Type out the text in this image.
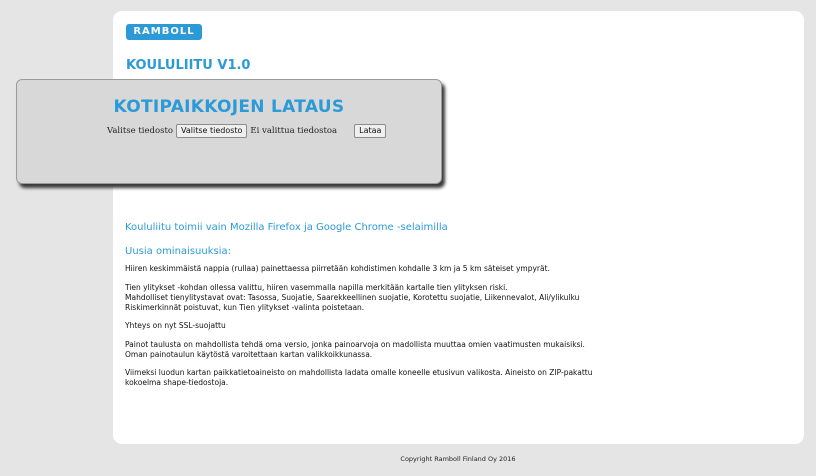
RAMBOLL
KOULULIITU V1.0
KOTIPAIKKOJEN LATAUS
Valitse tiedosto	Valitse tiedosto Ei valittua tiedostoa	Lataa

Koululiitu toimii vain Mozilla Firefox ja Google Chrome -selaimilla

Uusia ominaisuuksia:

Hiiren keskimmäistä nappia (rullaa) painettaessa piirretään kohdistimen kohdalle 3 km ja 5 km säteiset ympyrät.

Tien ylitykset -kohdan ollessa valittu, hiiren vasemmalla napilla merkitään kartalle tien ylityksen riski.
Mahdolliset tienylitystavat ovat: Tasossa, Suojatie, Saarekkeellinen suojatie, Korotettu suojatie, Liikennevalot, Ali/ylikulku
Riskimerkinnät poistuvat, kun Tien ylitykset -valinta poistetaan.

Yhteys on nyt SSL-suojattu

Painot taulusta on mahdollista tehdä oma versio, jonka painoarvoja on madollista muuttaa omien vaatimusten mukaisiksi.
Oman painotaulun käytöstä varoitettaan kartan valikkoikkunassa.

Viimeksi luodun kartan paikkatietoaineisto on mahdollista ladata omalle koneelle etusivun valikosta. Aineisto on ZIP-pakattu
kokoelma shape-tiedostoja.

Copyright Ramboll Finland Oy 2016
